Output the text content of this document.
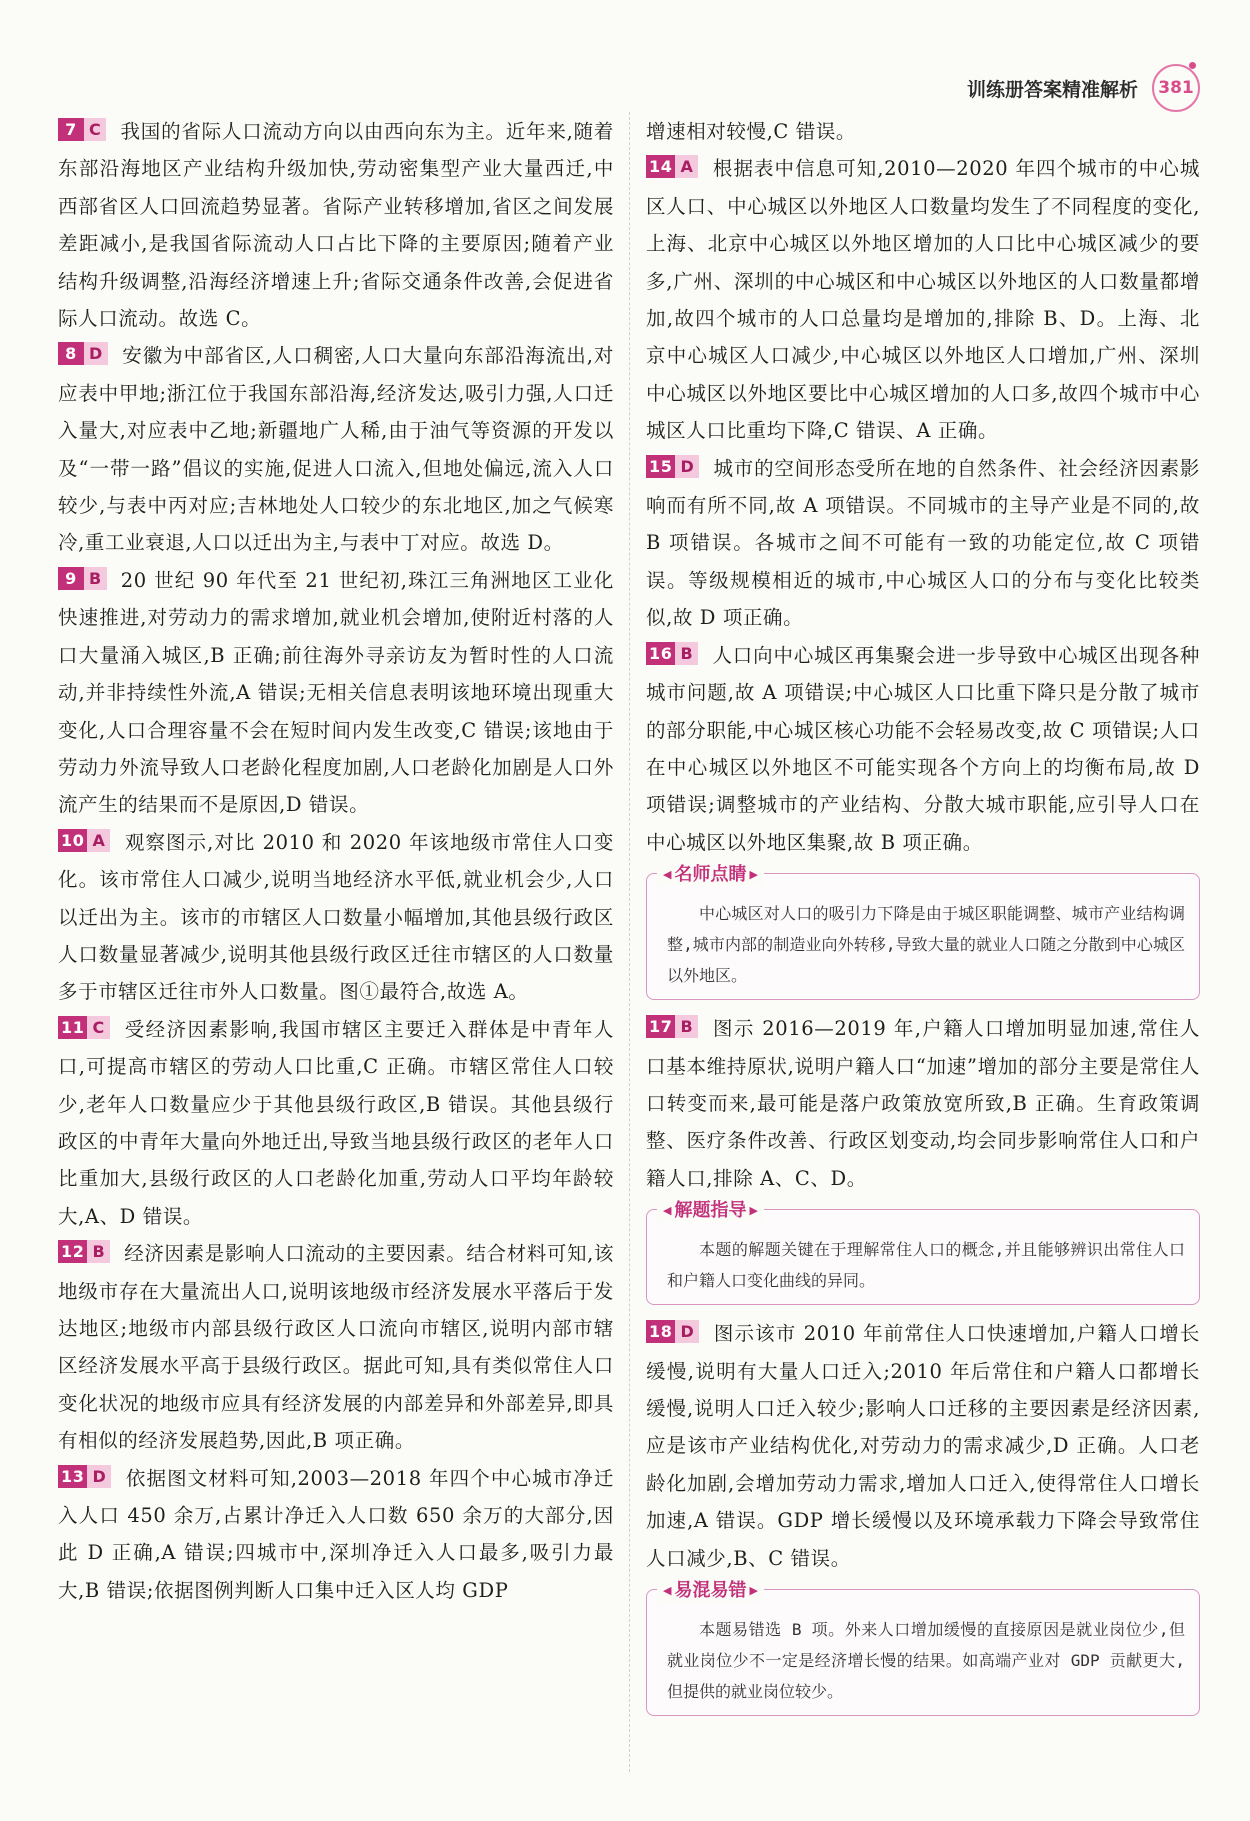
训练册答案精准解析	381
7 C 我国的省际人口流动方向以由西向东为主。近年来,随着东部沿海地区产业结构升级加快,劳动密集型产业大量西迁,中西部省区人口回流趋势显著。省际产业转移增加,省区之间发展差距减小,是我国省际流动人口占比下降的主要原因;随着产业结构升级调整,沿海经济增速上升;省际交通条件改善,会促进省际人口流动。故选 C。
8 D 安徽为中部省区,人口稠密,人口大量向东部沿海流出,对应表中甲地;浙江位于我国东部沿海,经济发达,吸引力强,人口迁入量大,对应表中乙地;新疆地广人稀,由于油气等资源的开发以及“一带一路”倡议的实施,促进人口流入,但地处偏远,流入人口较少,与表中丙对应;吉林地处人口较少的东北地区,加之气候寒冷,重工业衰退,人口以迁出为主,与表中丁对应。故选 D。
9 B 20 世纪 90 年代至 21 世纪初,珠江三角洲地区工业化快速推进,对劳动力的需求增加,就业机会增加,使附近村落的人口大量涌入城区,B 正确;前往海外寻亲访友为暂时性的人口流动,并非持续性外流,A 错误;无相关信息表明该地环境出现重大变化,人口合理容量不会在短时间内发生改变,C 错误;该地由于劳动力外流导致人口老龄化程度加剧,人口老龄化加剧是人口外流产生的结果而不是原因,D 错误。
10 A 观察图示,对比 2010 和 2020 年该地级市常住人口变化。该市常住人口减少,说明当地经济水平低,就业机会少,人口以迁出为主。该市的市辖区人口数量小幅增加,其他县级行政区人口数量显著减少,说明其他县级行政区迁往市辖区的人口数量多于市辖区迁往市外人口数量。图①最符合,故选 A。
11 C 受经济因素影响,我国市辖区主要迁入群体是中青年人口,可提高市辖区的劳动人口比重,C 正确。市辖区常住人口较少,老年人口数量应少于其他县级行政区,B 错误。其他县级行政区的中青年大量向外地迁出,导致当地县级行政区的老年人口比重加大,县级行政区的人口老龄化加重,劳动人口平均年龄较大,A、D 错误。
12 B 经济因素是影响人口流动的主要因素。结合材料可知,该地级市存在大量流出人口,说明该地级市经济发展水平落后于发达地区;地级市内部县级行政区人口流向市辖区,说明内部市辖区经济发展水平高于县级行政区。据此可知,具有类似常住人口变化状况的地级市应具有经济发展的内部差异和外部差异,即具有相似的经济发展趋势,因此,B 项正确。
13 D 依据图文材料可知,2003—2018 年四个中心城市净迁入人口 450 余万,占累计净迁入人口数 650 余万的大部分,因此 D 正确,A 错误;四城市中,深圳净迁入人口最多,吸引力最大,B 错误;依据图例判断人口集中迁入区人均 GDP
增速相对较慢,C 错误。
14 A 根据表中信息可知,2010—2020 年四个城市的中心城区人口、中心城区以外地区人口数量均发生了不同程度的变化,上海、北京中心城区以外地区增加的人口比中心城区减少的要多,广州、深圳的中心城区和中心城区以外地区的人口数量都增加,故四个城市的人口总量均是增加的,排除 B、D。上海、北京中心城区人口减少,中心城区以外地区人口增加,广州、深圳中心城区以外地区要比中心城区增加的人口多,故四个城市中心城区人口比重均下降,C 错误、A 正确。
15 D 城市的空间形态受所在地的自然条件、社会经济因素影响而有所不同,故 A 项错误。不同城市的主导产业是不同的,故 B 项错误。各城市之间不可能有一致的功能定位,故 C 项错误。等级规模相近的城市,中心城区人口的分布与变化比较类似,故 D 项正确。
16 B 人口向中心城区再集聚会进一步导致中心城区出现各种城市问题,故 A 项错误;中心城区人口比重下降只是分散了城市的部分职能,中心城区核心功能不会轻易改变,故 C 项错误;人口在中心城区以外地区不可能实现各个方向上的均衡布局,故 D 项错误;调整城市的产业结构、分散大城市职能,应引导人口在中心城区以外地区集聚,故 B 项正确。
◀ 名师点睛 ▶
中心城区对人口的吸引力下降是由于城区职能调整、城市产业结构调整,城市内部的制造业向外转移,导致大量的就业人口随之分散到中心城区以外地区。
17 B 图示 2016—2019 年,户籍人口增加明显加速,常住人口基本维持原状,说明户籍人口“加速”增加的部分主要是常住人口转变而来,最可能是落户政策放宽所致,B 正确。生育政策调整、医疗条件改善、行政区划变动,均会同步影响常住人口和户籍人口,排除 A、C、D。
◀ 解题指导 ▶
本题的解题关键在于理解常住人口的概念,并且能够辨识出常住人口和户籍人口变化曲线的异同。
18 D 图示该市 2010 年前常住人口快速增加,户籍人口增长缓慢,说明有大量人口迁入;2010 年后常住和户籍人口都增长缓慢,说明人口迁入较少;影响人口迁移的主要因素是经济因素,应是该市产业结构优化,对劳动力的需求减少,D 正确。人口老龄化加剧,会增加劳动力需求,增加人口迁入,使得常住人口增长加速,A 错误。GDP 增长缓慢以及环境承载力下降会导致常住人口减少,B、C 错误。
◀ 易混易错 ▶
本题易错选 B 项。外来人口增加缓慢的直接原因是就业岗位少,但就业岗位少不一定是经济增长慢的结果。如高端产业对 GDP 贡献更大,但提供的就业岗位较少。
